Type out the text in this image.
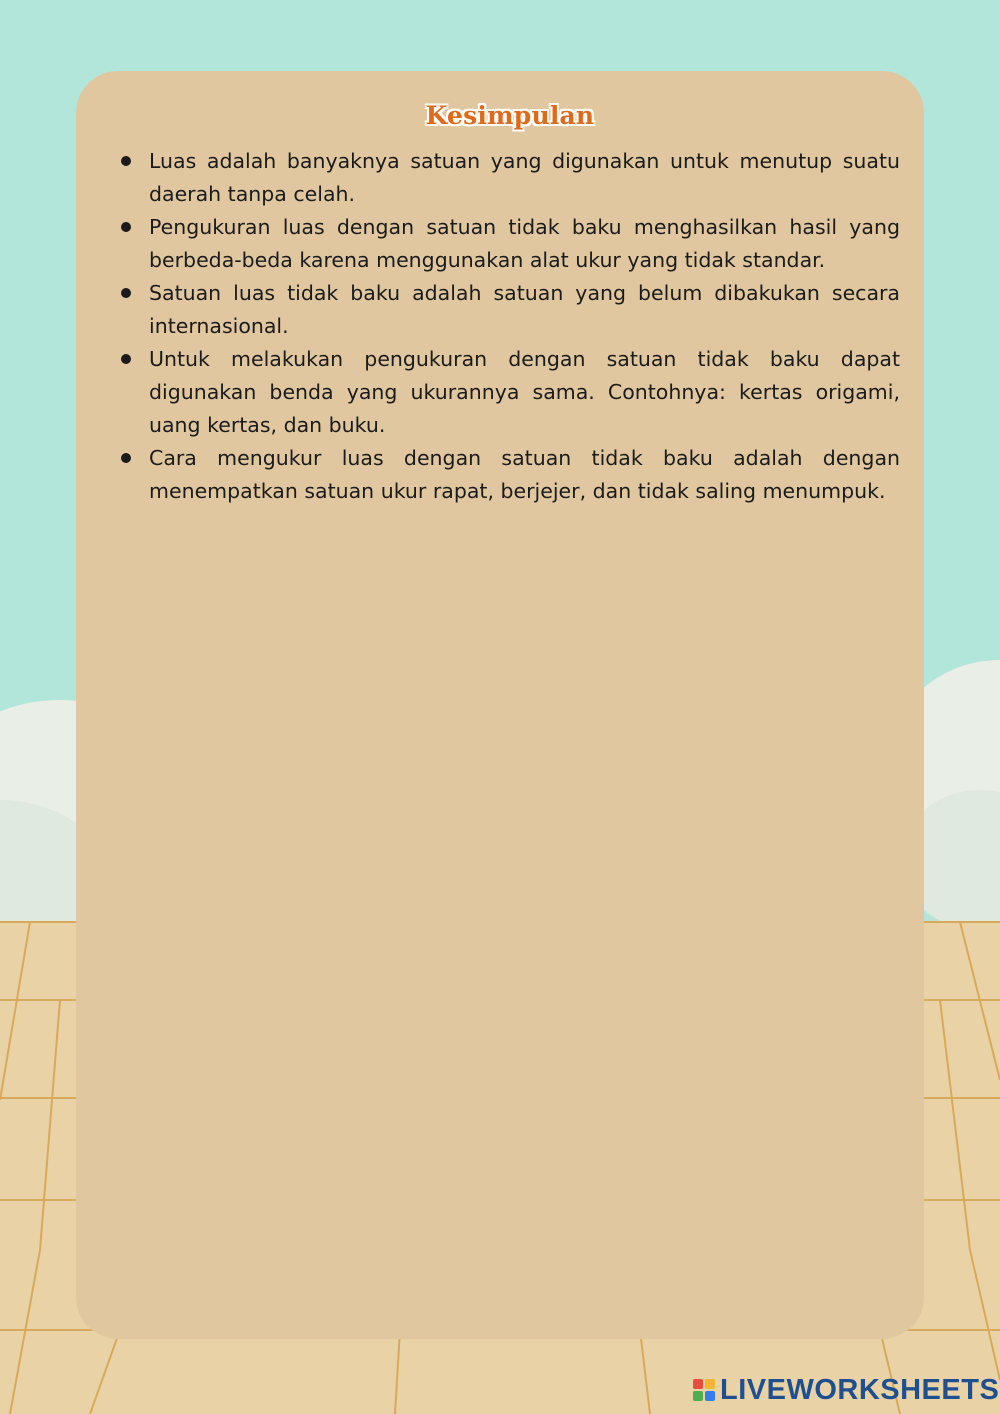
Kesimpulan
Luas adalah banyaknya satuan yang digunakan untuk menutup suatu daerah tanpa celah.
Pengukuran luas dengan satuan tidak baku menghasilkan hasil yang berbeda-beda karena menggunakan alat ukur yang tidak standar.
Satuan luas tidak baku adalah satuan yang belum dibakukan secara internasional.
Untuk melakukan pengukuran dengan satuan tidak baku dapat digunakan benda yang ukurannya sama. Contohnya: kertas origami, uang kertas, dan buku.
Cara mengukur luas dengan satuan tidak baku adalah dengan menempatkan satuan ukur rapat, berjejer, dan tidak saling menumpuk.
LIVEWORKSHEETS
